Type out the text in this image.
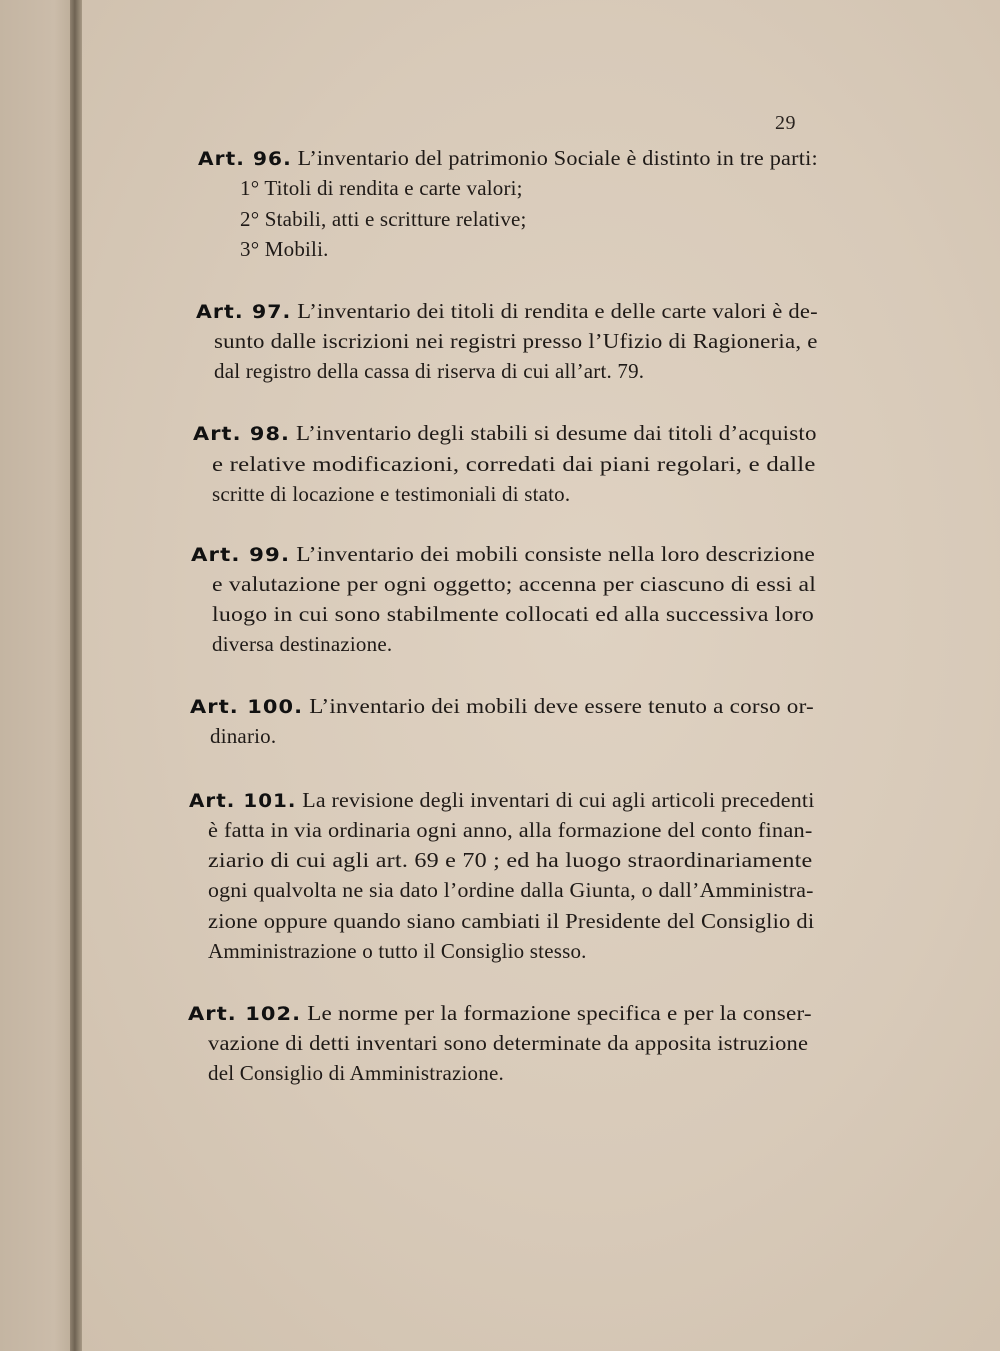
29
Art. 96. L’inventario del patrimonio Sociale è distinto in tre parti:
1° Titoli di rendita e carte valori;
2° Stabili, atti e scritture relative;
3° Mobili.
Art. 97. L’inventario dei titoli di rendita e delle carte valori è de-
sunto dalle iscrizioni nei registri presso l’Ufizio di Ragioneria, e
dal registro della cassa di riserva di cui all’art. 79.
Art. 98. L’inventario degli stabili si desume dai titoli d’acquisto
e relative modificazioni, corredati dai piani regolari, e dalle
scritte di locazione e testimoniali di stato.
Art. 99. L’inventario dei mobili consiste nella loro descrizione
e valutazione per ogni oggetto; accenna per ciascuno di essi al
luogo in cui sono stabilmente collocati ed alla successiva loro
diversa destinazione.
Art. 100. L’inventario dei mobili deve essere tenuto a corso or-
dinario.
Art. 101. La revisione degli inventari di cui agli articoli precedenti
è fatta in via ordinaria ogni anno, alla formazione del conto finan-
ziario di cui agli art. 69 e 70 ; ed ha luogo straordinariamente
ogni qualvolta ne sia dato l’ordine dalla Giunta, o dall’Amministra-
zione oppure quando siano cambiati il Presidente del Consiglio di
Amministrazione o tutto il Consiglio stesso.
Art. 102. Le norme per la formazione specifica e per la conser-
vazione di detti inventari sono determinate da apposita istruzione
del Consiglio di Amministrazione.
